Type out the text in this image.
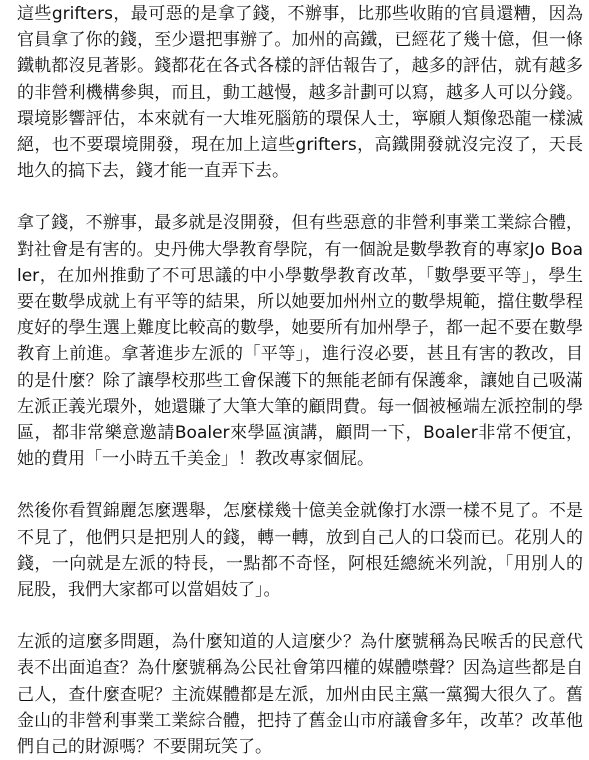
這些grifters，最可惡的是拿了錢，不辦事，比那些收賄的官員還糟，因為官員拿了你的錢，至少還把事辦了。加州的高鐵，已經花了幾十億，但一條鐵軌都沒見著影。錢都花在各式各樣的評估報告了，越多的評估，就有越多的非營利機構參與，而且，動工越慢，越多計劃可以寫，越多人可以分錢。環境影響評估，本來就有一大堆死腦筋的環保人士，寧願人類像恐龍一樣滅絕，也不要環境開發，現在加上這些grifters，高鐵開發就沒完沒了，天長地久的搞下去，錢才能一直弄下去。

拿了錢，不辦事，最多就是沒開發，但有些惡意的非營利事業工業綜合體，對社會是有害的。史丹佛大學教育學院，有一個說是數學教育的專家Jo Boaler，在加州推動了不可思議的中小學數學教育改革，「數學要平等」，學生要在數學成就上有平等的結果，所以她要加州州立的數學規範，擋住數學程度好的學生選上難度比較高的數學，她要所有加州學子，都一起不要在數學教育上前進。拿著進步左派的「平等」，進行沒必要，甚且有害的教改，目的是什麼？除了讓學校那些工會保護下的無能老師有保護傘，讓她自己吸滿左派正義光環外，她還賺了大筆大筆的顧問費。每一個被極端左派控制的學區，都非常樂意邀請Boaler來學區演講，顧問一下，Boaler非常不便宜，她的費用「一小時五千美金」！教改專家個屁。

然後你看賀錦麗怎麼選舉，怎麼樣幾十億美金就像打水漂一樣不見了。不是不見了，他們只是把別人的錢，轉一轉，放到自己人的口袋而已。花別人的錢，一向就是左派的特長，一點都不奇怪，阿根廷總統米列說，「用別人的屁股，我們大家都可以當娼妓了」。

左派的這麼多問題，為什麼知道的人這麼少？為什麼號稱為民喉舌的民意代表不出面追查？為什麼號稱為公民社會第四權的媒體噤聲？因為這些都是自己人，查什麼查呢？主流媒體都是左派，加州由民主黨一黨獨大很久了。舊金山的非營利事業工業綜合體，把持了舊金山市府議會多年，改革？改革他們自己的財源嗎？不要開玩笑了。
